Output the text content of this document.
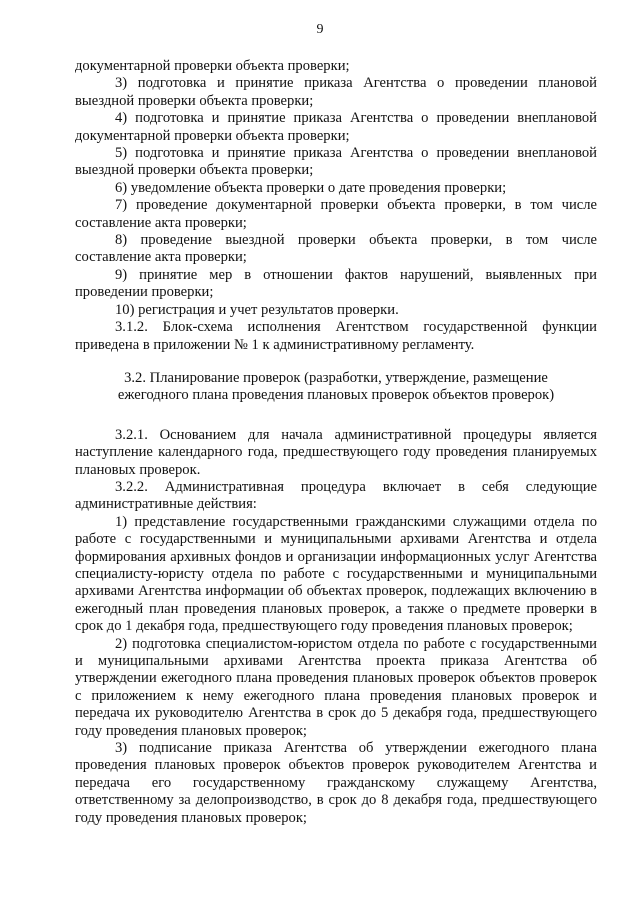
9

документарной проверки объекта проверки;

3) подготовка и принятие приказа Агентства о проведении плановой выездной проверки объекта проверки;

4) подготовка и принятие приказа Агентства о проведении внеплановой документарной проверки объекта проверки;

5) подготовка и принятие приказа Агентства о проведении внеплановой выездной проверки объекта проверки;

6) уведомление объекта проверки о дате проведения проверки;

7) проведение документарной проверки объекта проверки, в том числе составление акта проверки;

8) проведение выездной проверки объекта проверки, в том числе составление акта проверки;

9) принятие мер в отношении фактов нарушений, выявленных при проведении проверки;

10) регистрация и учет результатов проверки.

3.1.2. Блок-схема исполнения Агентством государственной функции приведена в приложении № 1 к административному регламенту.

3.2. Планирование проверок (разработки, утверждение, размещение ежегодного плана проведения плановых проверок объектов проверок)

3.2.1. Основанием для начала административной процедуры является наступление календарного года, предшествующего году проведения планируемых плановых проверок.

3.2.2. Административная процедура включает в себя следующие административные действия:

1) представление государственными гражданскими служащими отдела по работе с государственными и муниципальными архивами Агентства и отдела формирования архивных фондов и организации информационных услуг Агентства специалисту-юристу отдела по работе с государственными и муниципальными архивами Агентства информации об объектах проверок, подлежащих включению в ежегодный план проведения плановых проверок, а также о предмете проверки в срок до 1 декабря года, предшествующего году проведения плановых проверок;

2) подготовка специалистом-юристом отдела по работе с государственными и муниципальными архивами Агентства проекта приказа Агентства об утверждении ежегодного плана проведения плановых проверок объектов проверок с приложением к нему ежегодного плана проведения плановых проверок и передача их руководителю Агентства в срок до 5 декабря года, предшествующего году проведения плановых проверок;

3) подписание приказа Агентства об утверждении ежегодного плана проведения плановых проверок объектов проверок руководителем Агентства и передача его государственному гражданскому служащему Агентства, ответственному за делопроизводство, в срок до 8 декабря года, предшествующего году проведения плановых проверок;
